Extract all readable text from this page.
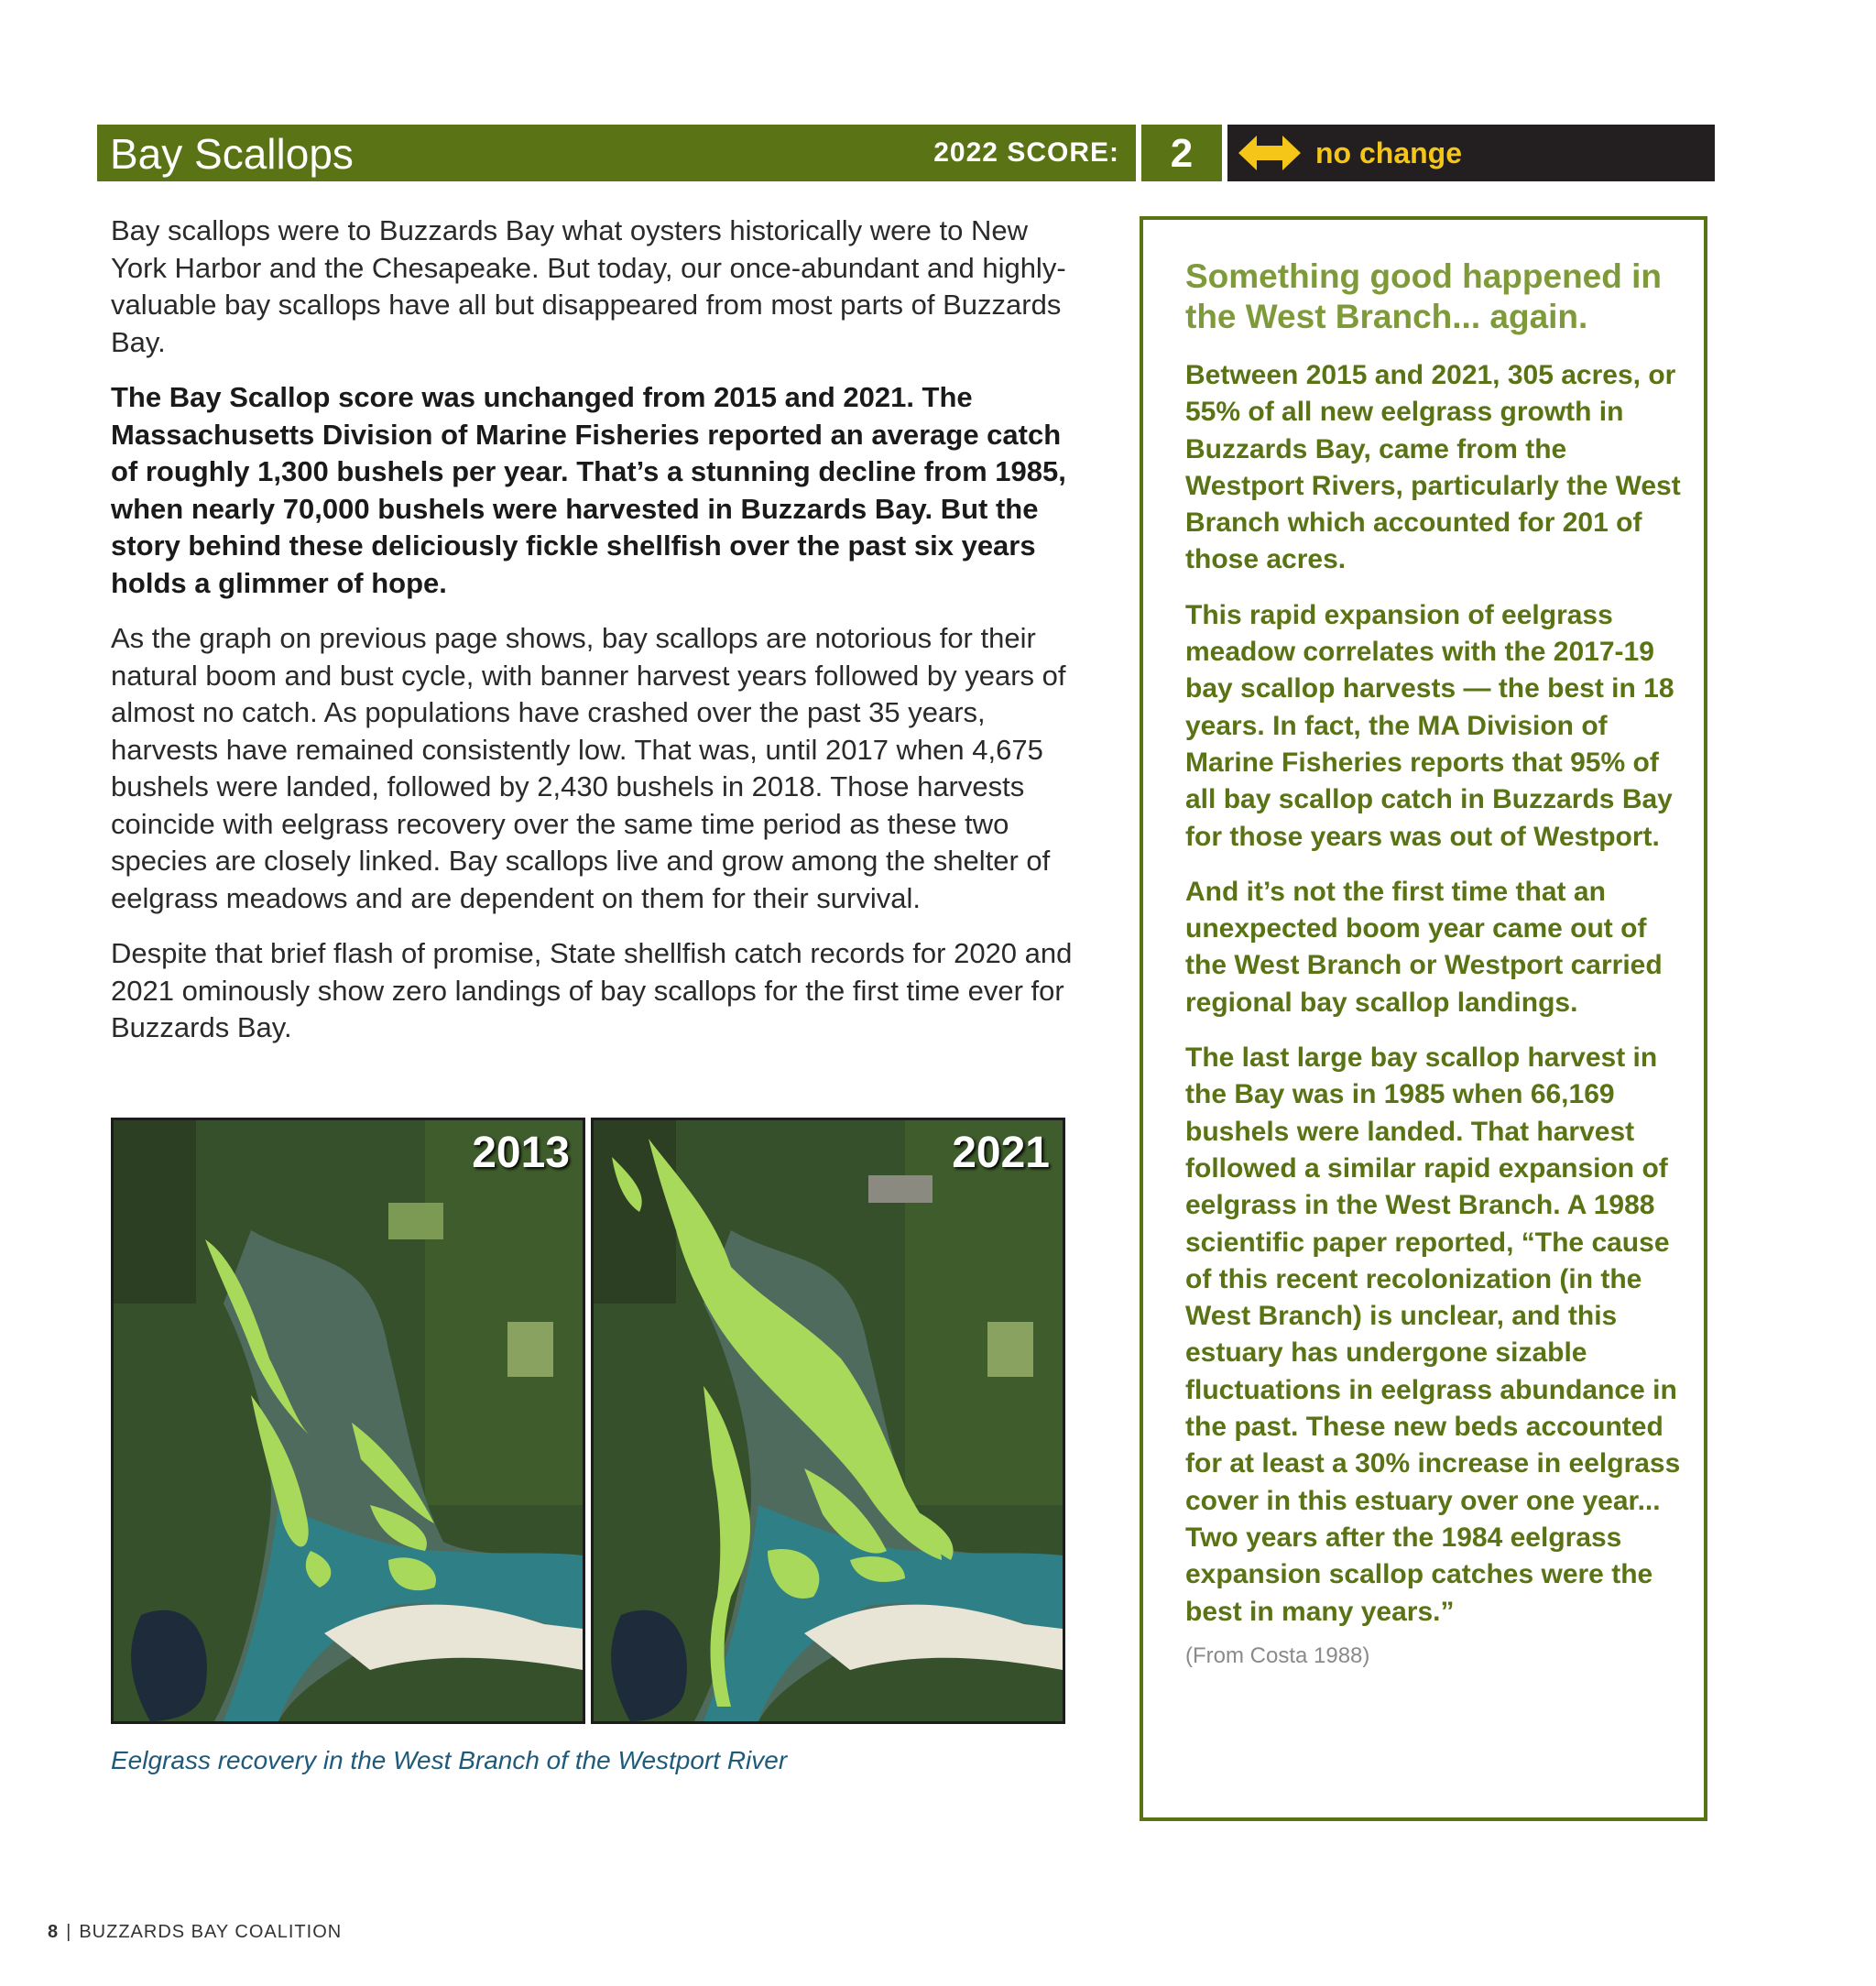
Bay Scallops	2022 SCORE:	2	no change

Bay scallops were to Buzzards Bay what oysters historically were to New York Harbor and the Chesapeake. But today, our once-abundant and highly-valuable bay scallops have all but disappeared from most parts of Buzzards Bay.

The Bay Scallop score was unchanged from 2015 and 2021. The Massachusetts Division of Marine Fisheries reported an average catch of roughly 1,300 bushels per year. That’s a stunning decline from 1985, when nearly 70,000 bushels were harvested in Buzzards Bay. But the story behind these deliciously fickle shellfish over the past six years holds a glimmer of hope.

As the graph on previous page shows, bay scallops are notorious for their natural boom and bust cycle, with banner harvest years followed by years of almost no catch. As populations have crashed over the past 35 years, harvests have remained consistently low. That was, until 2017 when 4,675 bushels were landed, followed by 2,430 bushels in 2018. Those harvests coincide with eelgrass recovery over the same time period as these two species are closely linked. Bay scallops live and grow among the shelter of eelgrass meadows and are dependent on them for their survival.

Despite that brief flash of promise, State shellfish catch records for 2020 and 2021 ominously show zero landings of bay scallops for the first time ever for Buzzards Bay.

2013	2021
Eelgrass recovery in the West Branch of the Westport River
Something good happened in the West Branch... again.

Between 2015 and 2021, 305 acres, or 55% of all new eelgrass growth in Buzzards Bay, came from the Westport Rivers, particularly the West Branch which accounted for 201 of those acres.

This rapid expansion of eelgrass meadow correlates with the 2017-19 bay scallop harvests — the best in 18 years. In fact, the MA Division of Marine Fisheries reports that 95% of all bay scallop catch in Buzzards Bay for those years was out of Westport.

And it’s not the first time that an unexpected boom year came out of the West Branch or Westport carried regional bay scallop landings.

The last large bay scallop harvest in the Bay was in 1985 when 66,169 bushels were landed. That harvest followed a similar rapid expansion of eelgrass in the West Branch. A 1988 scientific paper reported, “The cause of this recent recolonization (in the West Branch) is unclear, and this estuary has undergone sizable fluctuations in eelgrass abundance in the past. These new beds accounted for at least a 30% increase in eelgrass cover in this estuary over one year... Two years after the 1984 eelgrass expansion scallop catches were the best in many years.”

(From Costa 1988)
8 | BUZZARDS BAY COALITION
